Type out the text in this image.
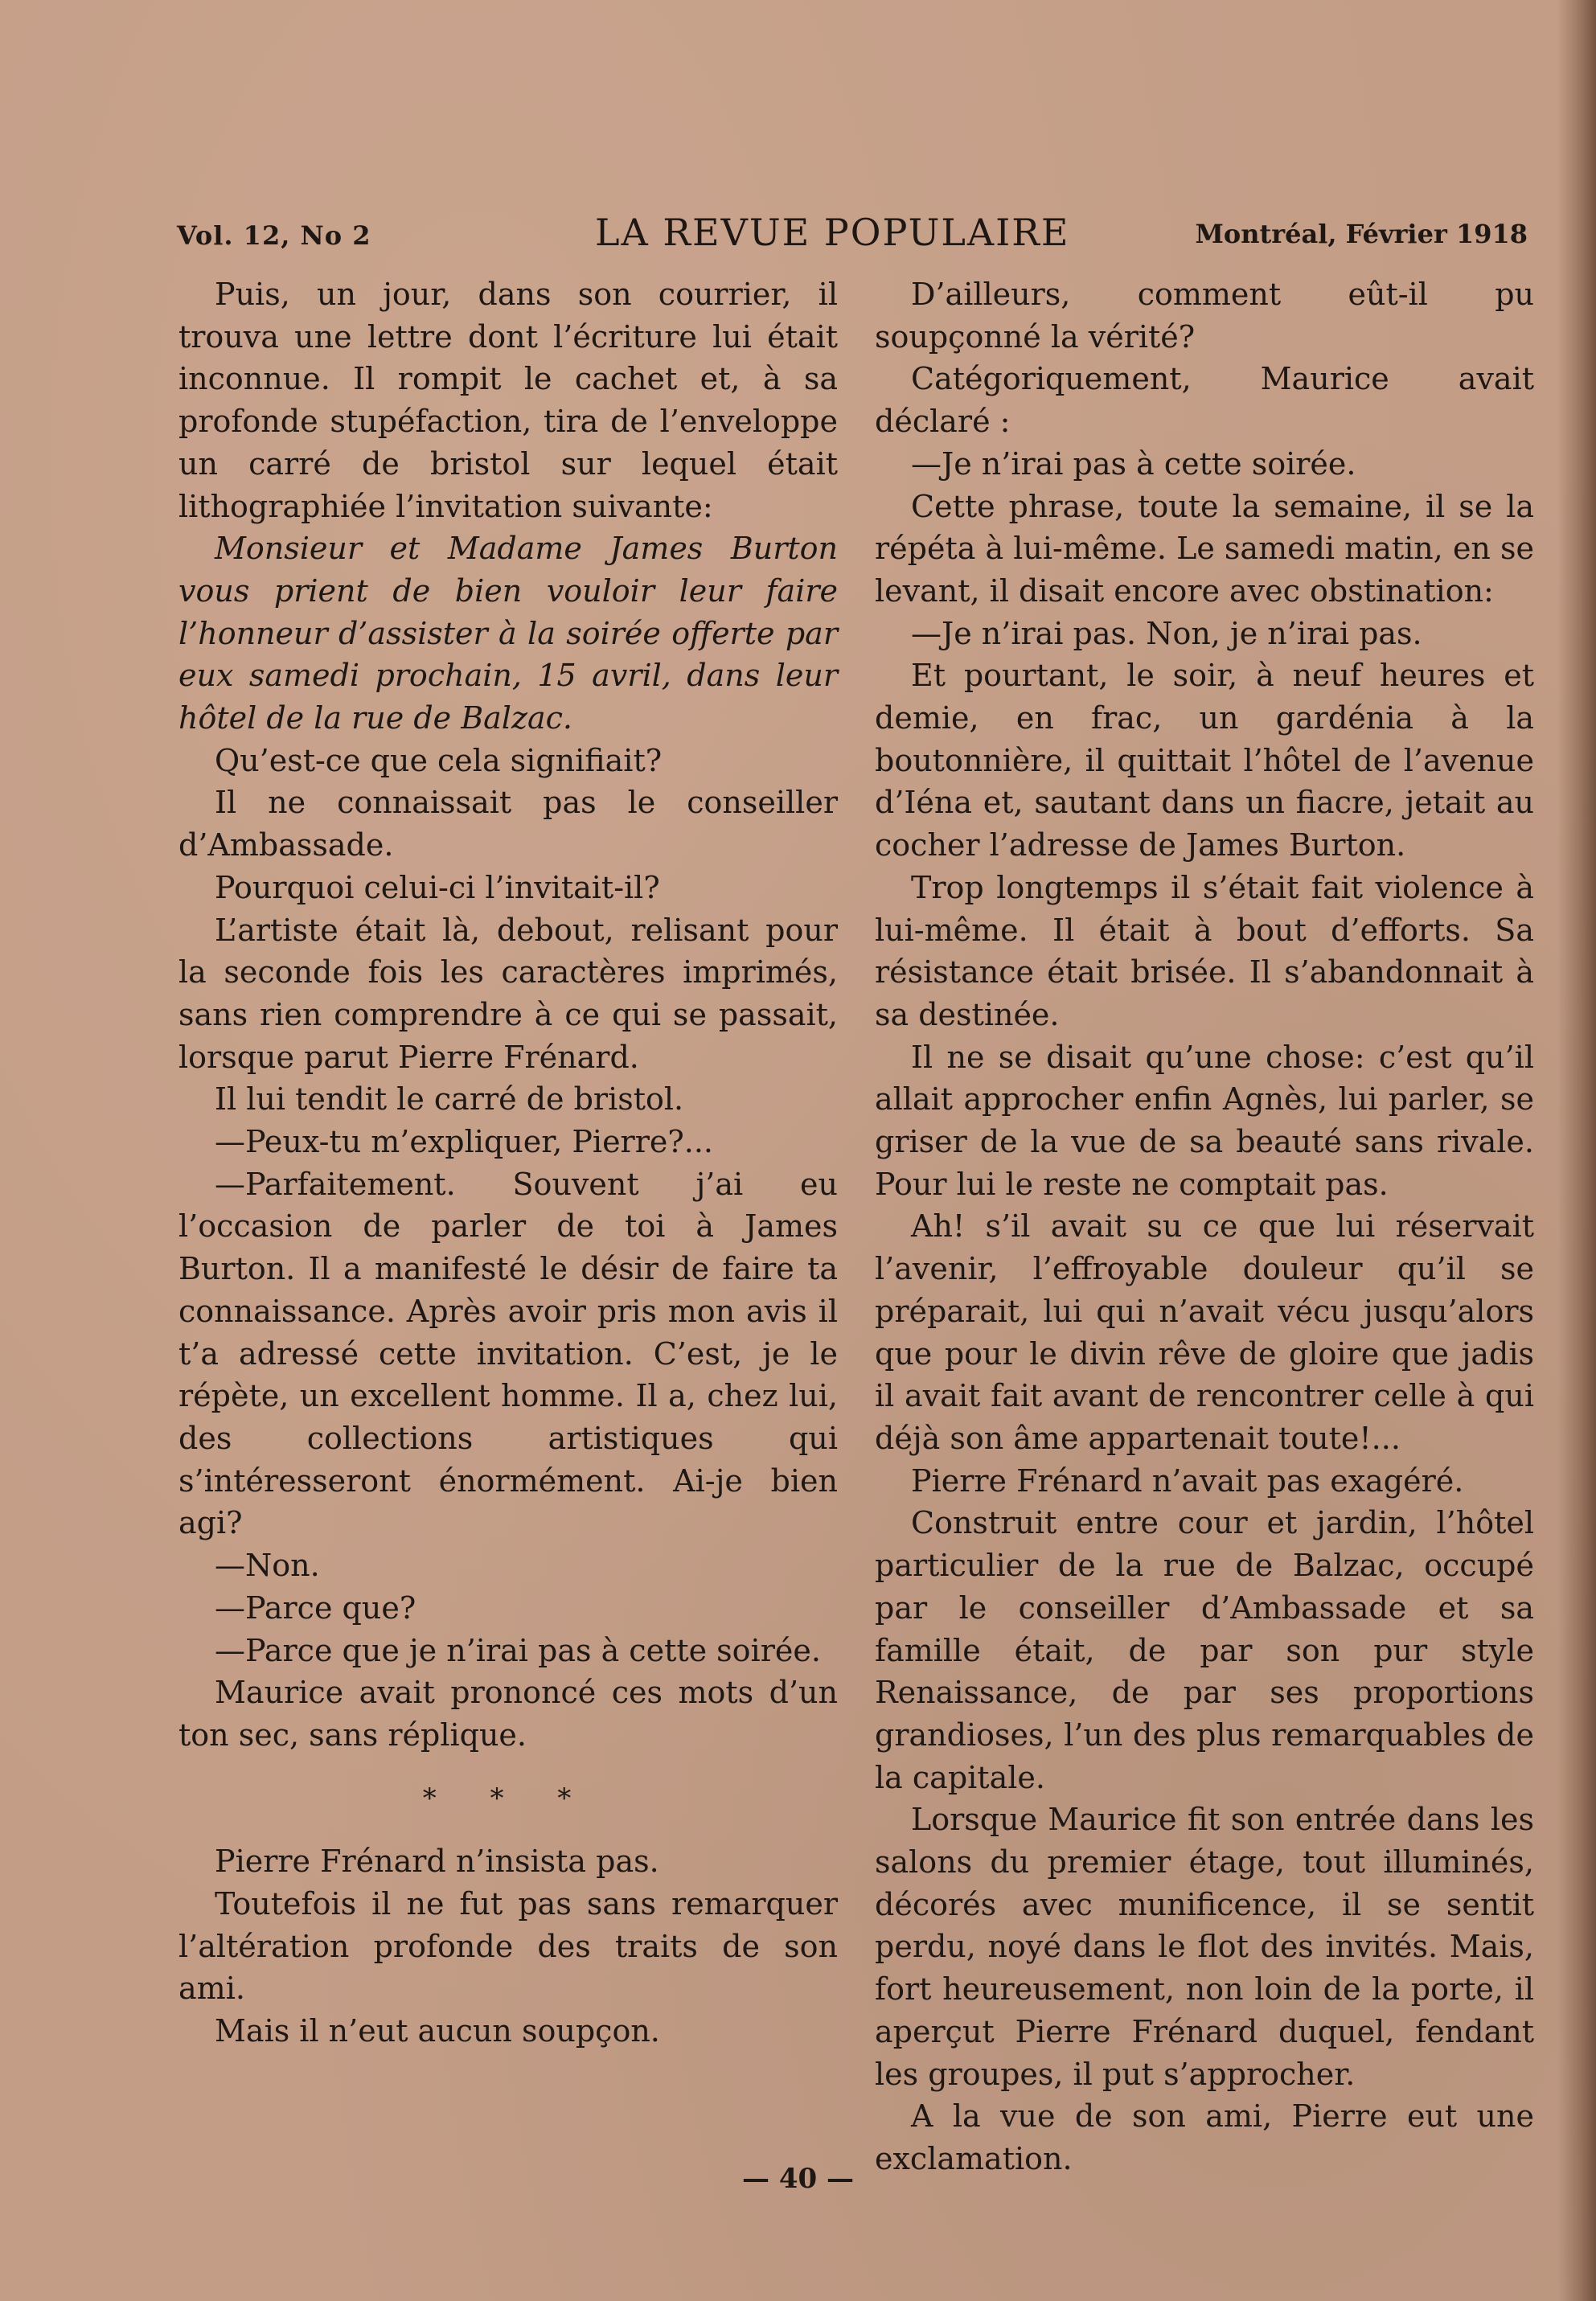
Vol. 12, No 2	LA REVUE POPULAIRE	Montréal, Février 1918

Puis, un jour, dans son courrier, il trouva une lettre dont l’écriture lui était inconnue. Il rompit le cachet et, à sa profonde stupéfaction, tira de l’enveloppe un carré de bristol sur lequel était lithographiée l’invitation suivante:

Monsieur et Madame James Burton vous prient de bien vouloir leur faire l’honneur d’assister à la soirée offerte par eux samedi prochain, 15 avril, dans leur hôtel de la rue de Balzac.

Qu’est-ce que cela signifiait?

Il ne connaissait pas le conseiller d’Ambassade.

Pourquoi celui-ci l’invitait-il?

L’artiste était là, debout, relisant pour la seconde fois les caractères imprimés, sans rien comprendre à ce qui se passait, lorsque parut Pierre Frénard.

Il lui tendit le carré de bristol.

—Peux-tu m’expliquer, Pierre?...

—Parfaitement. Souvent j’ai eu l’occasion de parler de toi à James Burton. Il a manifesté le désir de faire ta connaissance. Après avoir pris mon avis il t’a adressé cette invitation. C’est, je le répète, un excellent homme. Il a, chez lui, des collections artistiques qui s’intéresseront énormément. Ai-je bien agi?

—Non.

—Parce que?

—Parce que je n’irai pas à cette soirée.

Maurice avait prononcé ces mots d’un ton sec, sans réplique.

* * *

Pierre Frénard n’insista pas.

Toutefois il ne fut pas sans remarquer l’altération profonde des traits de son ami.

Mais il n’eut aucun soupçon.

D’ailleurs, comment eût-il pu soupçonné la vérité?

Catégoriquement, Maurice avait déclaré :

—Je n’irai pas à cette soirée.

Cette phrase, toute la semaine, il se la répéta à lui-même. Le samedi matin, en se levant, il disait encore avec obstination:

—Je n’irai pas. Non, je n’irai pas.

Et pourtant, le soir, à neuf heures et demie, en frac, un gardénia à la boutonnière, il quittait l’hôtel de l’avenue d’Iéna et, sautant dans un fiacre, jetait au cocher l’adresse de James Burton.

Trop longtemps il s’était fait violence à lui-même. Il était à bout d’efforts. Sa résistance était brisée. Il s’abandonnait à sa destinée.

Il ne se disait qu’une chose: c’est qu’il allait approcher enfin Agnès, lui parler, se griser de la vue de sa beauté sans rivale. Pour lui le reste ne comptait pas.

Ah! s’il avait su ce que lui réservait l’avenir, l’effroyable douleur qu’il se préparait, lui qui n’avait vécu jusqu’alors que pour le divin rêve de gloire que jadis il avait fait avant de rencontrer celle à qui déjà son âme appartenait toute!...

Pierre Frénard n’avait pas exagéré.

Construit entre cour et jardin, l’hôtel particulier de la rue de Balzac, occupé par le conseiller d’Ambassade et sa famille était, de par son pur style Renaissance, de par ses proportions grandioses, l’un des plus remarquables de la capitale.

Lorsque Maurice fit son entrée dans les salons du premier étage, tout illuminés, décorés avec munificence, il se sentit perdu, noyé dans le flot des invités. Mais, fort heureusement, non loin de la porte, il aperçut Pierre Frénard duquel, fendant les groupes, il put s’approcher.

A la vue de son ami, Pierre eut une exclamation.

— 40 —
